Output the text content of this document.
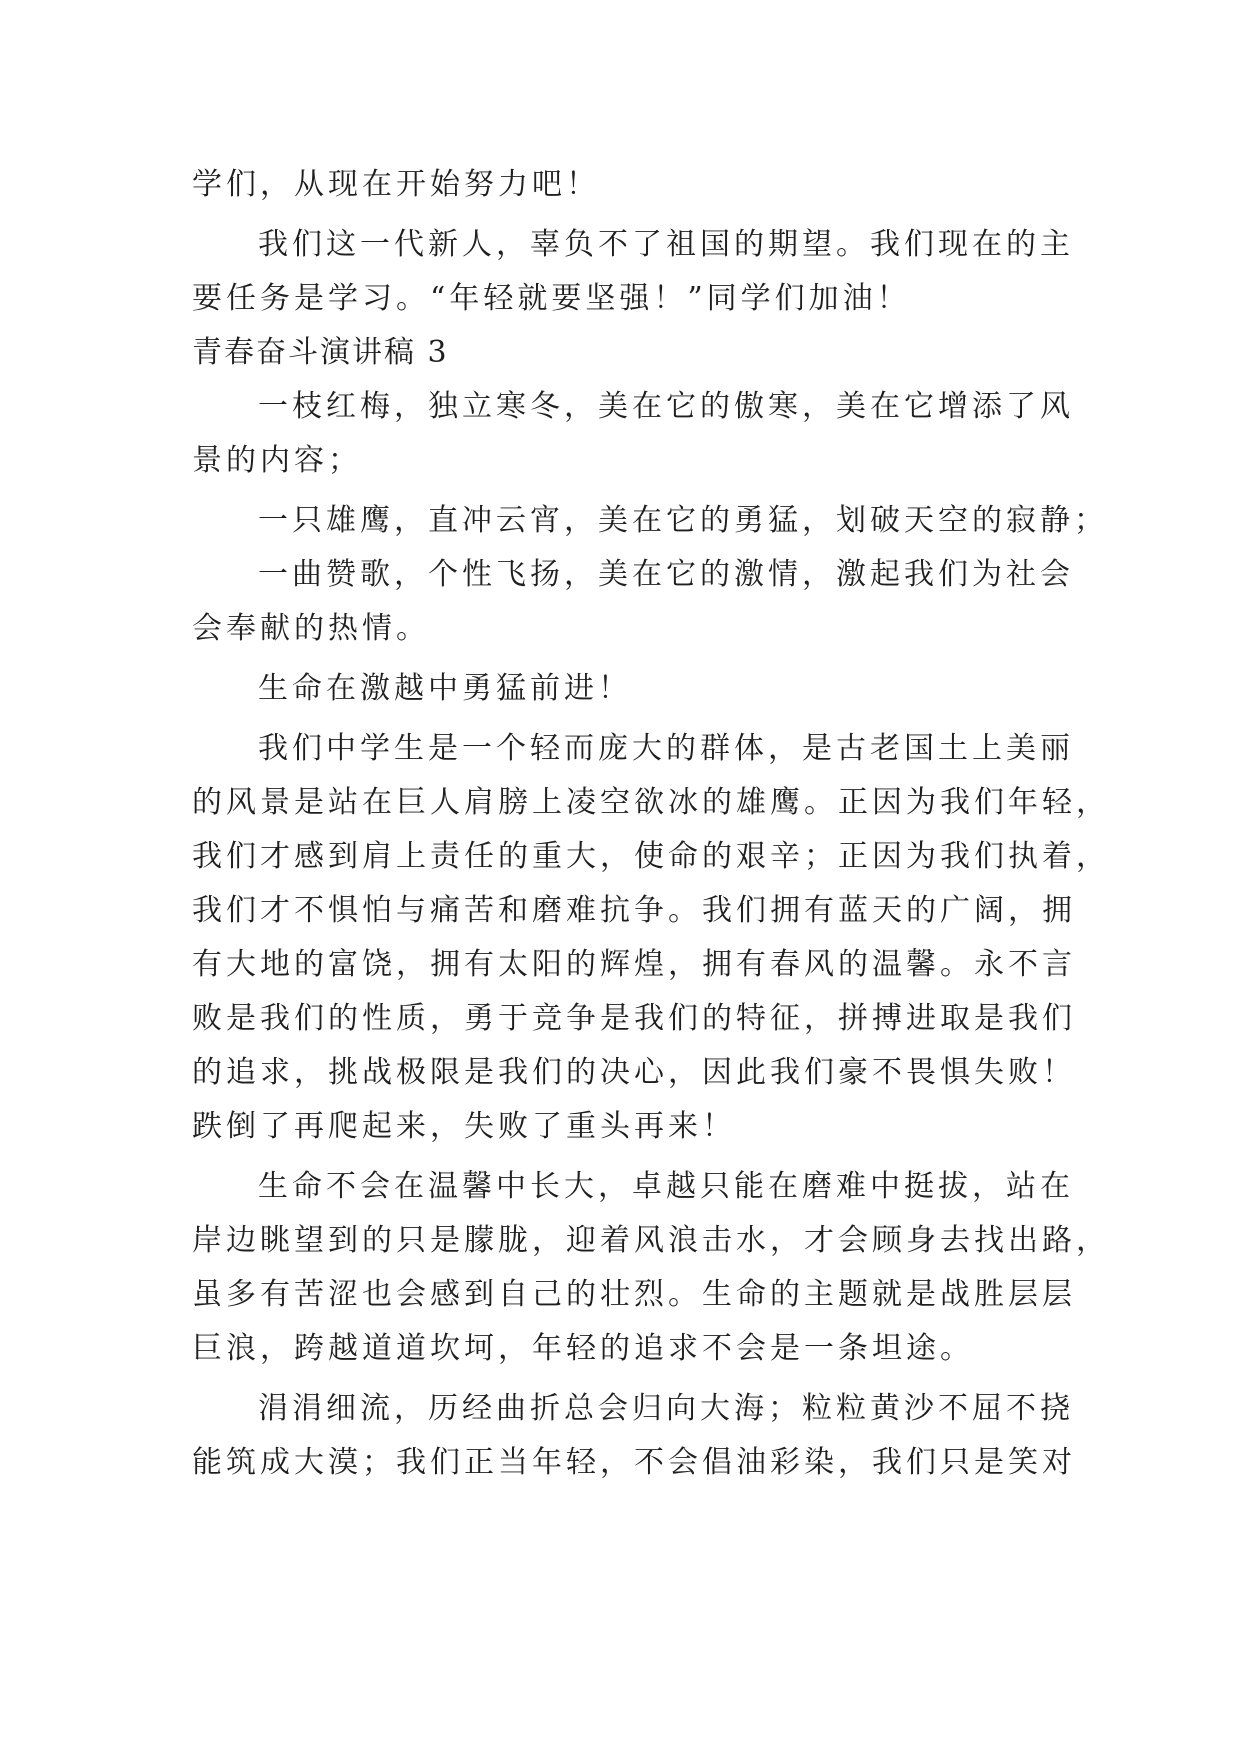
学们，从现在开始努力吧！
我们这一代新人，辜负不了祖国的期望。我们现在的主
要任务是学习。“年轻就要坚强！”同学们加油！
青春奋斗演讲稿 3
一枝红梅，独立寒冬，美在它的傲寒，美在它增添了风
景的内容；
一只雄鹰，直冲云宵，美在它的勇猛，划破天空的寂静；
一曲赞歌，个性飞扬，美在它的激情，激起我们为社会
会奉献的热情。
生命在激越中勇猛前进！
我们中学生是一个轻而庞大的群体，是古老国土上美丽
的风景是站在巨人肩膀上凌空欲冰的雄鹰。正因为我们年轻，
我们才感到肩上责任的重大，使命的艰辛；正因为我们执着，
我们才不惧怕与痛苦和磨难抗争。我们拥有蓝天的广阔，拥
有大地的富饶，拥有太阳的辉煌，拥有春风的温馨。永不言
败是我们的性质，勇于竞争是我们的特征，拼搏进取是我们
的追求，挑战极限是我们的决心，因此我们豪不畏惧失败！
跌倒了再爬起来，失败了重头再来！
生命不会在温馨中长大，卓越只能在磨难中挺拔，站在
岸边眺望到的只是朦胧，迎着风浪击水，才会顾身去找出路，
虽多有苦涩也会感到自己的壮烈。生命的主题就是战胜层层
巨浪，跨越道道坎坷，年轻的追求不会是一条坦途。
涓涓细流，历经曲折总会归向大海；粒粒黄沙不屈不挠
能筑成大漠；我们正当年轻，不会倡油彩染，我们只是笑对
